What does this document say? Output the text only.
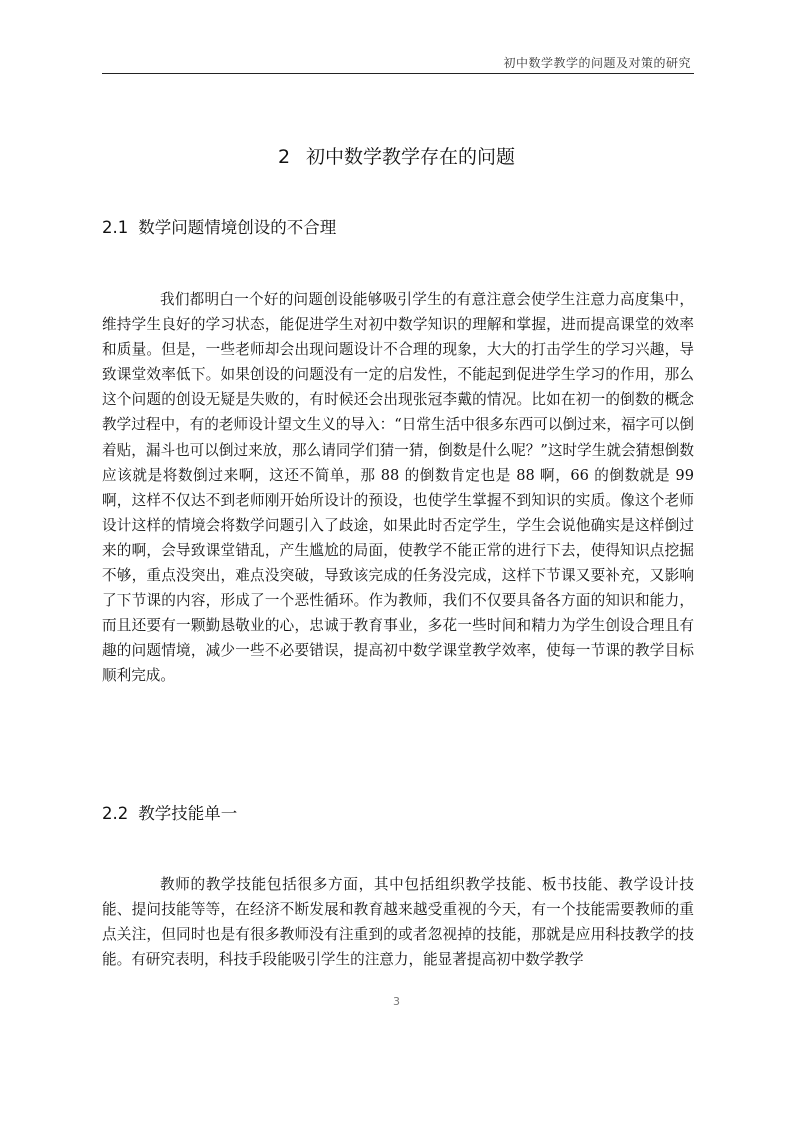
初中数学教学的问题及对策的研究
2 初中数学教学存在的问题
2.1 数学问题情境创设的不合理

我们都明白一个好的问题创设能够吸引学生的有意注意会使学生注意力高度集中，维持学生良好的学习状态，能促进学生对初中数学知识的理解和掌握，进而提高课堂的效率和质量。但是，一些老师却会出现问题设计不合理的现象，大大的打击学生的学习兴趣，导致课堂效率低下。如果创设的问题没有一定的启发性，不能起到促进学生学习的作用，那么这个问题的创设无疑是失败的，有时候还会出现张冠李戴的情况。比如在初一的倒数的概念教学过程中，有的老师设计望文生义的导入：“日常生活中很多东西可以倒过来，福字可以倒着贴，漏斗也可以倒过来放，那么请同学们猜一猜，倒数是什么呢？”这时学生就会猜想倒数应该就是将数倒过来啊，这还不简单，那 88 的倒数肯定也是 88 啊，66 的倒数就是 99 啊，这样不仅达不到老师刚开始所设计的预设，也使学生掌握不到知识的实质。像这个老师设计这样的情境会将数学问题引入了歧途，如果此时否定学生，学生会说他确实是这样倒过来的啊，会导致课堂错乱，产生尴尬的局面，使教学不能正常的进行下去，使得知识点挖掘不够，重点没突出，难点没突破，导致该完成的任务没完成，这样下节课又要补充，又影响了下节课的内容，形成了一个恶性循环。作为教师，我们不仅要具备各方面的知识和能力，而且还要有一颗勤恳敬业的心，忠诚于教育事业，多花一些时间和精力为学生创设合理且有趣的问题情境，减少一些不必要错误，提高初中数学课堂教学效率，使每一节课的教学目标顺利完成。

2.2 教学技能单一

教师的教学技能包括很多方面，其中包括组织教学技能、板书技能、教学设计技能、提问技能等等，在经济不断发展和教育越来越受重视的今天，有一个技能需要教师的重点关注，但同时也是有很多教师没有注重到的或者忽视掉的技能，那就是应用科技教学的技能。有研究表明，科技手段能吸引学生的注意力，能显著提高初中数学教学

3
